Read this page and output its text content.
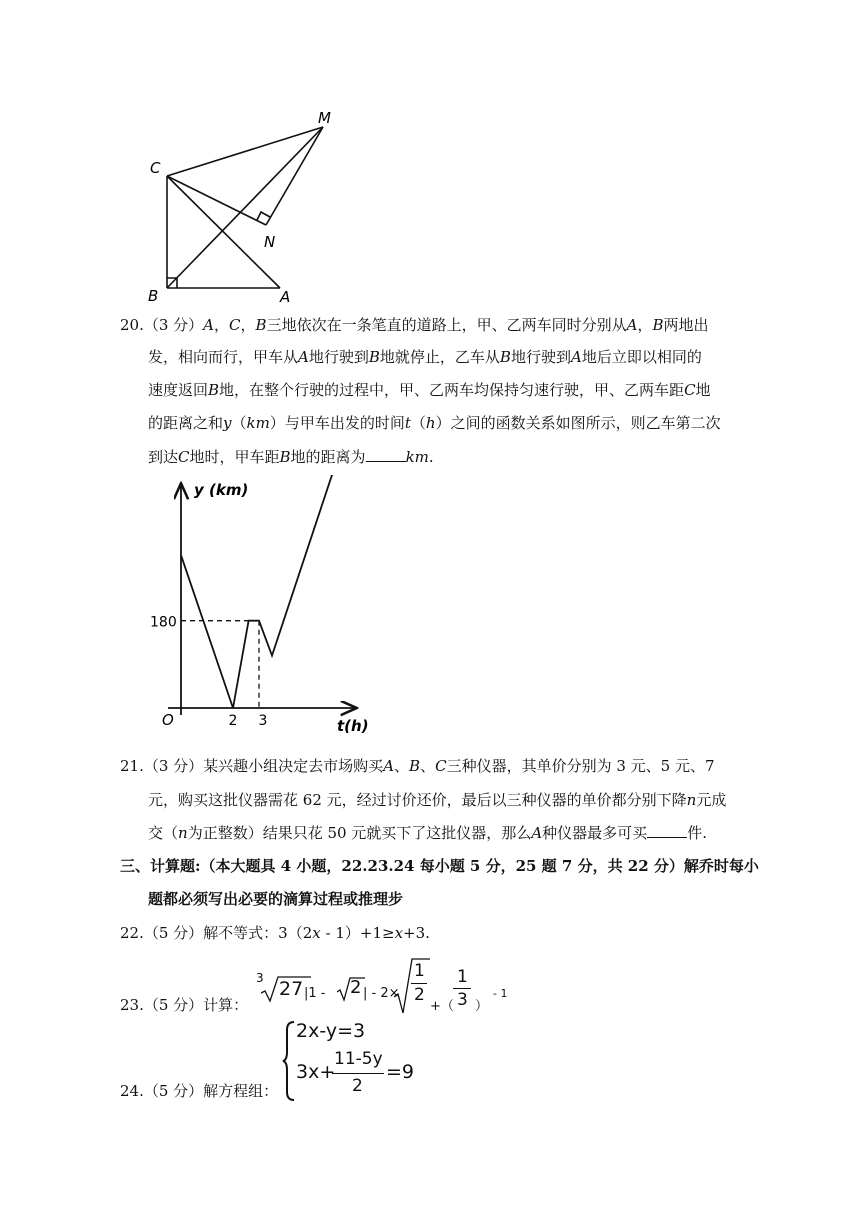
M
C
N
B	A
20.（3 分）A，C，B三地依次在一条笔直的道路上，甲、乙两车同时分别从A，B两地出
发，相向而行，甲车从A地行驶到B地就停止，乙车从B地行驶到A地后立即以相同的
速度返回B地，在整个行驶的过程中，甲、乙两车均保持匀速行驶，甲、乙两车距C地
的距离之和y（km）与甲车出发的时间t（h）之间的函数关系如图所示，则乙车第二次
到达C地时，甲车距B地的距离为	km.
y (km)
t(h)
O
180
2 3
21.（3 分）某兴趣小组决定去市场购买A、B、C三种仪器，其单价分别为 3 元、5 元、7
元，购买这批仪器需花 62 元，经过讨价还价，最后以三种仪器的单价都分别下降n元成
交（n为正整数）结果只花 50 元就买下了这批仪器，那么A种仪器最多可买	件.
三、计算题:（本大题具 4 小题，22.23.24 每小题 5 分，25 题 7 分，共 22 分）解乔时每小
题都必须写出必要的滴算过程或推理步
22.（5 分）解不等式：3（2x ‑ 1）+1≥x+3.
23.（5 分）计算：
3 27 |1 - 2 | - 2×
1
2
+（
1
3 ）
- 1
24.（5 分）解方程组：
2x-y=3
3x+
11-5y
2
=9
